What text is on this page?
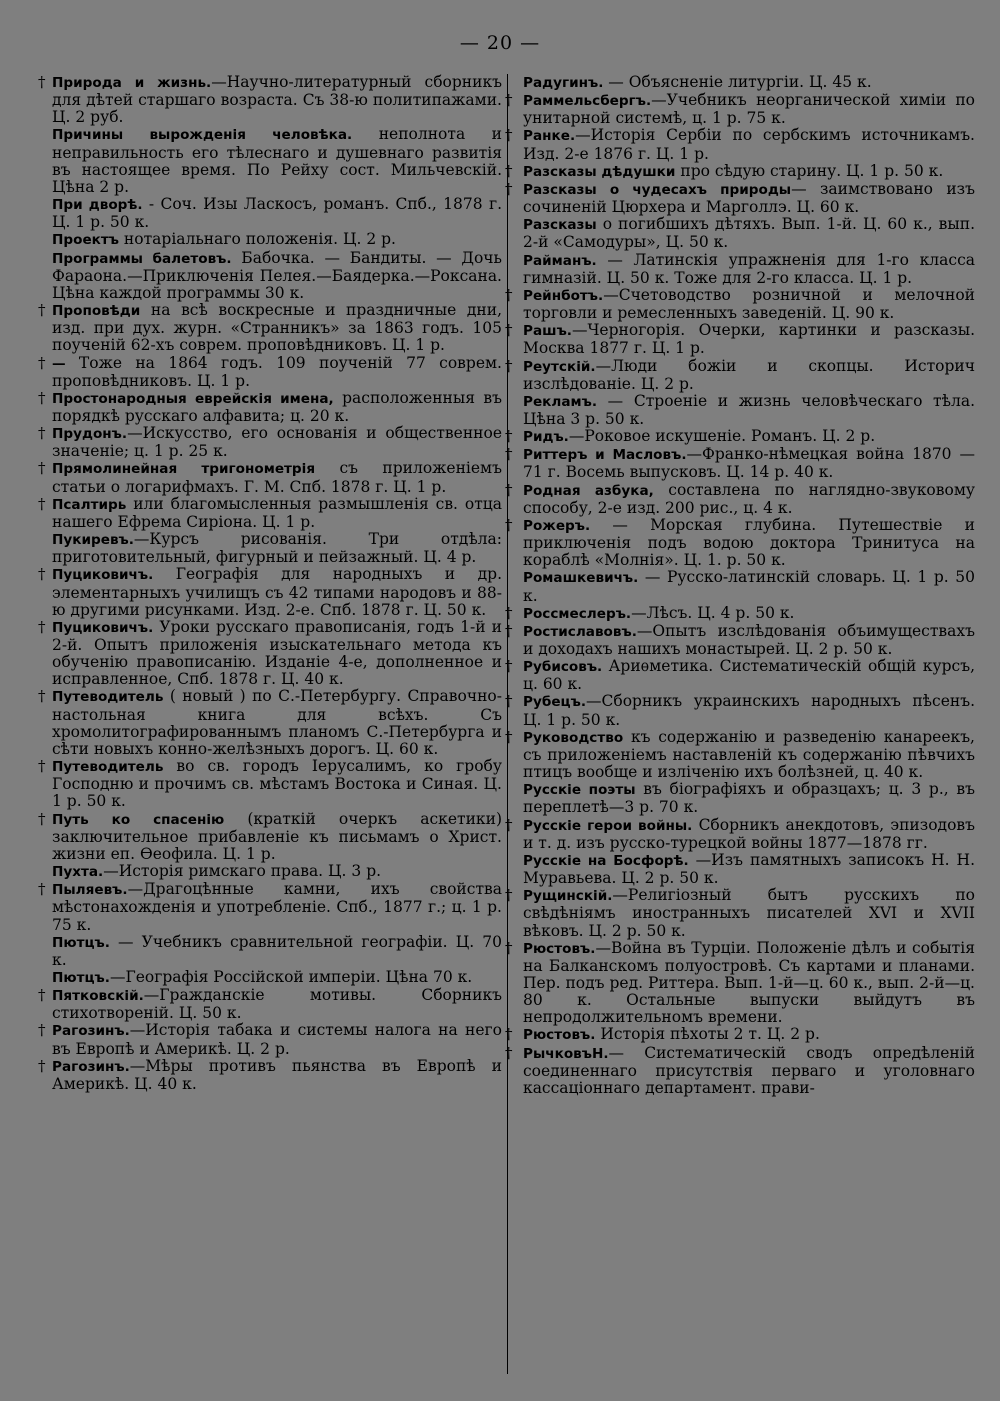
— 20 —
† Природа и жизнь.—Научно-литературный сборникъ для дѣтей старшаго возраста. Съ 38-ю политипажами. Ц. 2 руб.
Причины вырожденія человѣка. неполнота и неправильность его тѣлеснаго и душевнаго развитія въ настоящее время. По Рейху сост. Мильчевскій. Цѣна 2 р.
При дворѣ. - Соч. Изы Ласкосъ, романъ. Спб., 1878 г. Ц. 1 р. 50 к.
Проектъ нотаріальнаго положенія. Ц. 2 р.
Программы балетовъ. Бабочка. — Бандиты. — Дочь Фараона.—Приключенія Пелея.—Баядерка.—Роксана. Цѣна каждой программы 30 к.
† Проповѣди на всѣ воскресные и праздничные дни, изд. при дух. журн. «Странникъ» за 1863 годъ. 105 поученій 62-хъ соврем. проповѣдниковъ. Ц. 1 р.
† — Тоже на 1864 годъ. 109 поученій 77 соврем. проповѣдниковъ. Ц. 1 р.
† Простонародныя еврейскія имена, расположенныя въ порядкѣ русскаго алфавита; ц. 20 к.
† Прудонъ.—Искусство, его основанія и общественное значеніе; ц. 1 р. 25 к.
† Прямолинейная тригонометрія съ приложеніемъ статьи о логарифмахъ. Г. М. Спб. 1878 г. Ц. 1 р.
† Псалтирь или благомысленныя размышленія св. отца нашего Ефрема Сиріона. Ц. 1 р.
Пукиревъ.—Курсъ рисованія. Три отдѣла: приготовительный, фигурный и пейзажный. Ц. 4 р.
† Пуциковичъ. Географія для народныхъ и др. элементарныхъ училищъ съ 42 типами народовъ и 88-ю другими рисунками. Изд. 2-е. Спб. 1878 г. Ц. 50 к.
† Пуциковичъ. Уроки русскаго правописанія, годъ 1-й и 2-й. Опытъ приложенія изыскательнаго метода къ обученію правописанію. Изданіе 4-е, дополненное и исправленное, Спб. 1878 г. Ц. 40 к.
† Путеводитель ( новый ) по С.-Петербургу. Справочно-настольная книга для всѣхъ. Съ хромолитографированнымъ планомъ С.-Петербурга и сѣти новыхъ конно-желѣзныхъ дорогъ. Ц. 60 к.
† Путеводитель во св. городъ Іерусалимъ, ко гробу Господню и прочимъ св. мѣстамъ Востока и Синая. Ц. 1 р. 50 к.
† Путь ко спасенію (краткій очеркъ аскетики) заключительное прибавленіе къ письмамъ о Христ. жизни еп. Ѳеофила. Ц. 1 р.
Пухта.—Исторія римскаго права. Ц. 3 р.
† Пыляевъ.—Драгоцѣнные камни, ихъ свойства мѣстонахожденія и употребленіе. Спб., 1877 г.; ц. 1 р. 75 к.
Пютцъ. — Учебникъ сравнительной географіи. Ц. 70 к.
Пютцъ.—Географія Россійской имперіи. Цѣна 70 к.
† Пятковскій.—Гражданскіе мотивы. Сборникъ стихотвореній. Ц. 50 к.
† Рагозинъ.—Исторія табака и системы налога на него въ Европѣ и Америкѣ. Ц. 2 р.
† Рагозинъ.—Мѣры противъ пьянства въ Европѣ и Америкѣ. Ц. 40 к.
Радугинъ. — Объясненіе литургіи. Ц. 45 к.
† Раммельсбергъ.—Учебникъ неорганической химіи по унитарной системѣ, ц. 1 р. 75 к.
† Ранке.—Исторія Сербіи по сербскимъ источникамъ. Изд. 2-е 1876 г. Ц. 1 р.
† Разсказы дѣдушки про сѣдую старину. Ц. 1 р. 50 к.
† Разсказы о чудесахъ природы— заимствовано изъ сочиненій Цюрхера и Марголлэ. Ц. 60 к.
Разсказы о погибшихъ дѣтяхъ. Вып. 1-й. Ц. 60 к., вып. 2-й «Самодуры», Ц. 50 к.
Райманъ. — Латинскія упражненія для 1-го класса гимназій. Ц. 50 к. Тоже для 2-го класса. Ц. 1 р.
† Рейнботъ.—Счетоводство розничной и мелочной торговли и ремесленныхъ заведеній. Ц. 90 к.
† Рашъ.—Черногорія. Очерки, картинки и разсказы. Москва 1877 г. Ц. 1 р.
† Реутскій.—Люди божіи и скопцы. Историч изслѣдованіе. Ц. 2 р.
Рекламъ. — Строеніе и жизнь человѣческаго тѣла. Цѣна 3 р. 50 к.
† Ридъ.—Роковое искушеніе. Романъ. Ц. 2 р.
† Риттеръ и Масловъ.—Франко-нѣмецкая война 1870 — 71 г. Восемь выпусковъ. Ц. 14 р. 40 к.
† Родная азбука, составлена по наглядно-звуковому способу, 2-е изд. 200 рис., ц. 4 к.
† Рожеръ. — Морская глубина. Путешествіе и приключенія подъ водою доктора Тринитуса на кораблѣ «Молнія». Ц. 1. р. 50 к.
Ромашкевичъ. — Русско-латинскій словарь. Ц. 1 р. 50 к.
† Россмеслеръ.—Лѣсъ. Ц. 4 р. 50 к.
† Ростиславовъ.—Опытъ изслѣдованія объимуществахъ и доходахъ нашихъ монастырей. Ц. 2 р. 50 к.
† Рубисовъ. Ариѳметика. Систематическій общій курсъ, ц. 60 к.
† Рубецъ.—Сборникъ украинскихъ народныхъ пѣсенъ. Ц. 1 р. 50 к.
† Руководство къ содержанію и разведенію канареекъ, съ приложеніемъ наставленій къ содержанію пѣвчихъ птицъ вообще и изліченію ихъ болѣзней, ц. 40 к.
Русскіе поэты въ біографіяхъ и образцахъ; ц. 3 р., въ переплетѣ—3 р. 70 к.
† Русскіе герои войны. Сборникъ анекдотовъ, эпизодовъ и т. д. изъ русско-турецкой войны 1877—1878 гг.
Русскіе на Босфорѣ. —Изъ памятныхъ записокъ Н. Н. Муравьева. Ц. 2 р. 50 к.
† Рущинскій.—Религіозный бытъ русскихъ по свѣдѣніямъ иностранныхъ писателей XVI и XVII вѣковъ. Ц. 2 р. 50 к.
† Рюстовъ.—Война въ Турціи. Положеніе дѣлъ и событія на Балканскомъ полуостровѣ. Съ картами и планами. Пер. подъ ред. Риттера. Вып. 1-й—ц. 60 к., вып. 2-й—ц. 80 к. Остальные выпуски выйдутъ въ непродолжительномъ времени.
† Рюстовъ. Исторія пѣхоты 2 т. Ц. 2 р.
† РычковъН.— Систематическій сводъ опредѣленій соединеннаго присутствія перваго и уголовнаго кассаціоннаго департамент. прави-
